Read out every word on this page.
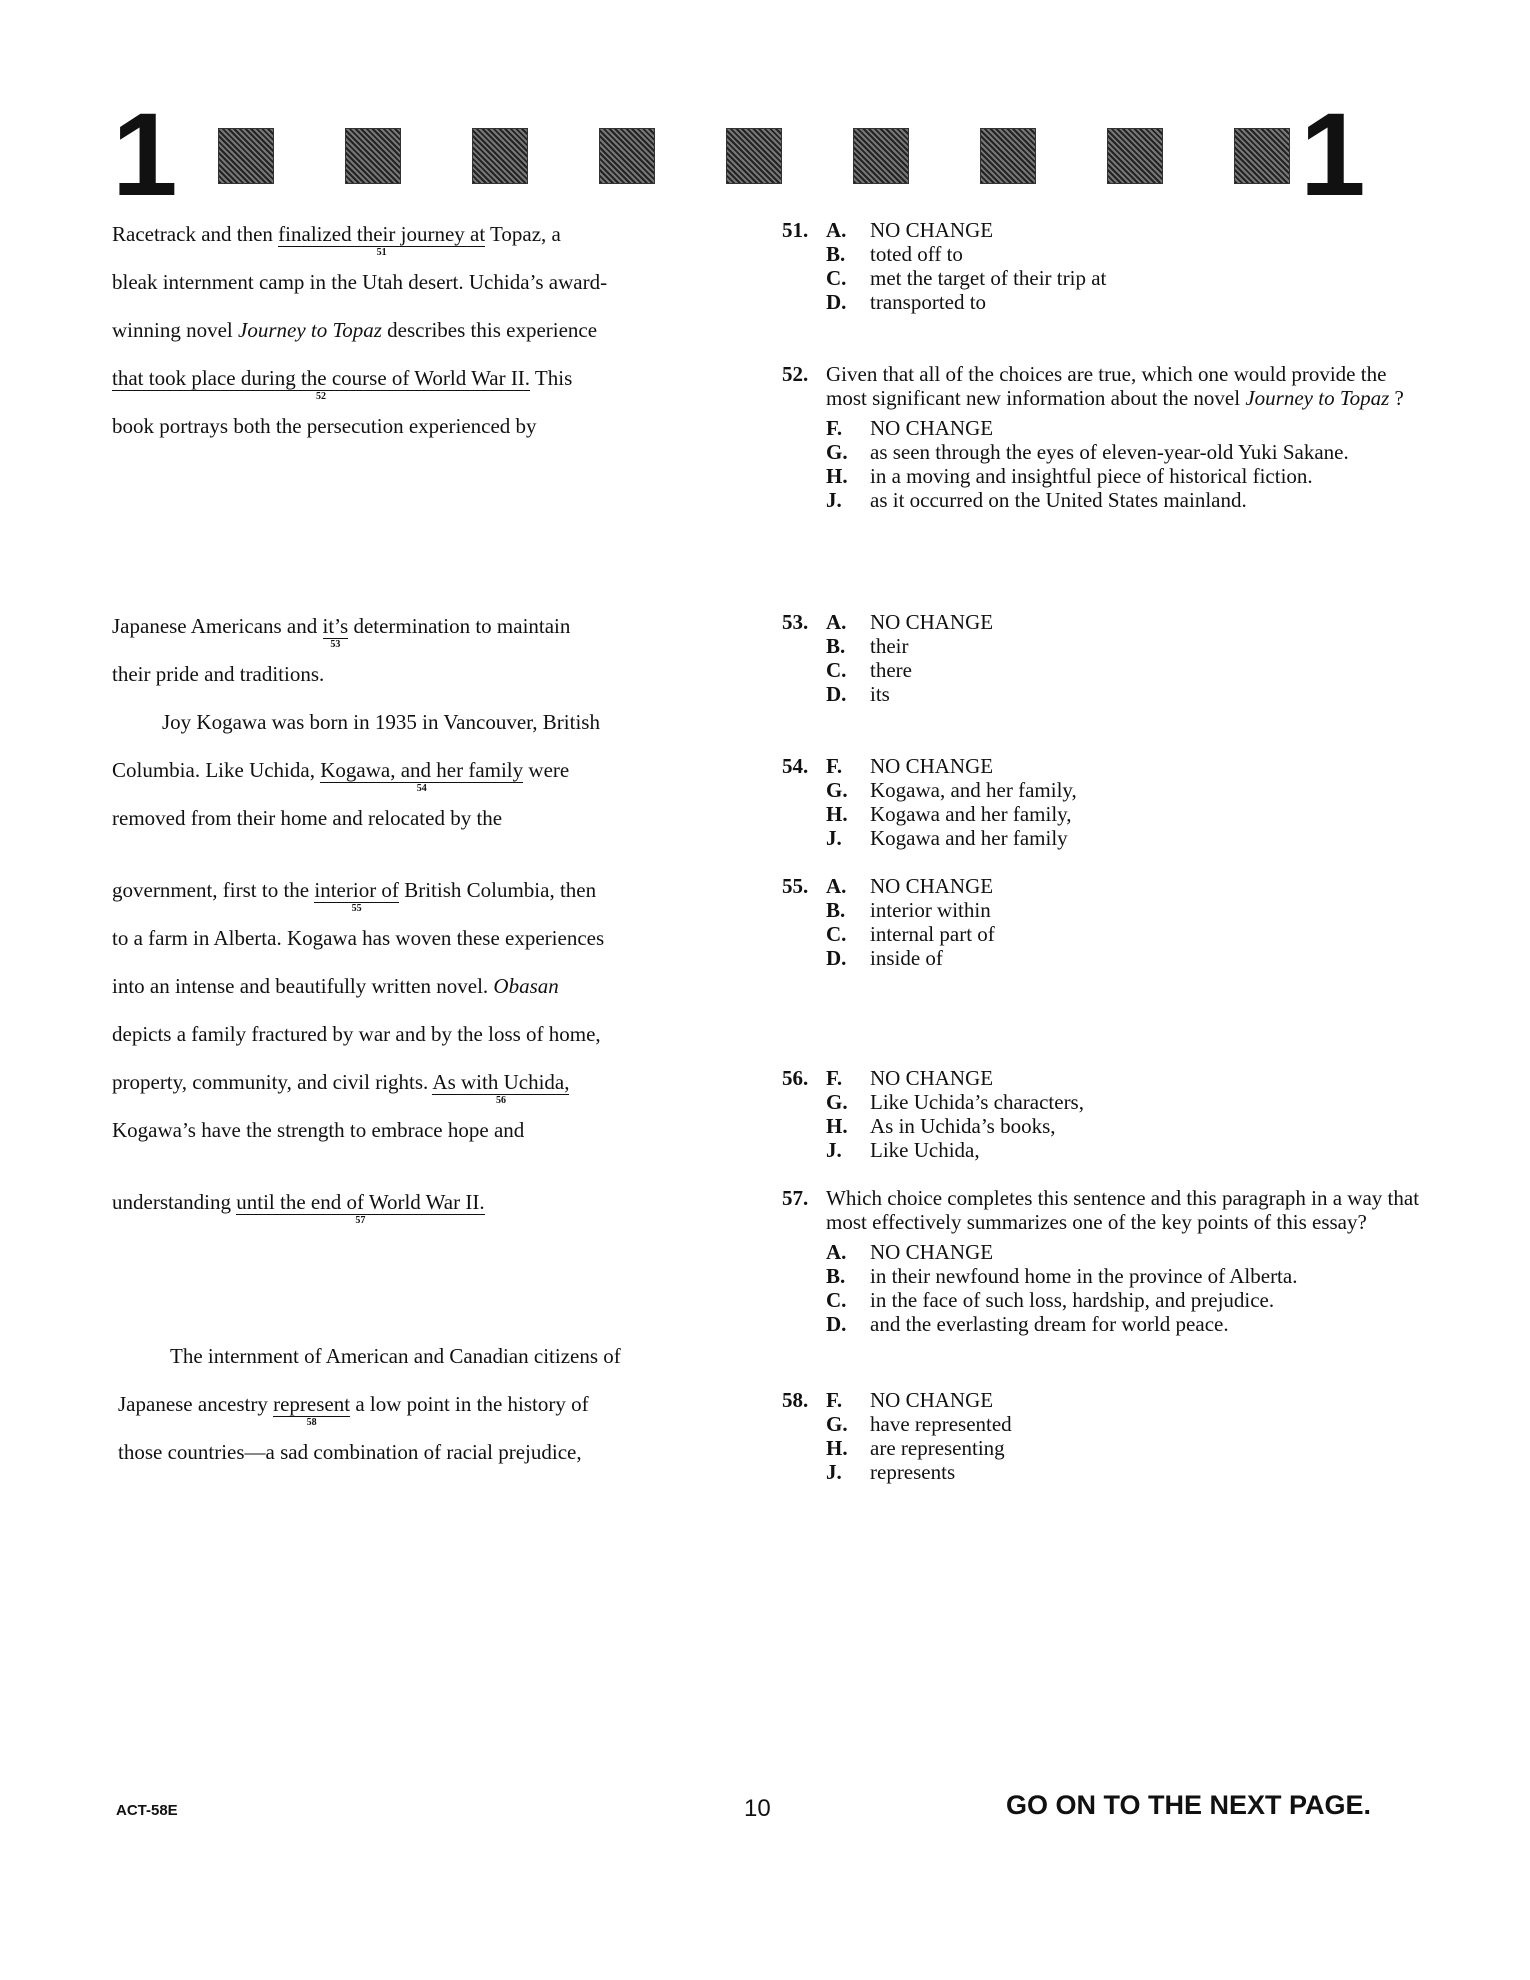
1	1
Racetrack and then finalized their journey at
51
Topaz, a
bleak internment camp in the Utah desert. Uchida’s award-
winning novel Journey to Topaz describes this experience
that took place during the course of World War II.
52
This
book portrays both the persecution experienced by
Japanese Americans and it’s
53
determination to maintain
their pride and traditions.
Joy Kogawa was born in 1935 in Vancouver, British
Columbia. Like Uchida, Kogawa, and her family
54
were
removed from their home and relocated by the
government, first to the interior of
55
British Columbia, then
to a farm in Alberta. Kogawa has woven these experiences
into an intense and beautifully written novel. Obasan
depicts a family fractured by war and by the loss of home,
property, community, and civil rights. As with Uchida,
56
Kogawa’s have the strength to embrace hope and
understanding until the end of World War II.
57
The internment of American and Canadian citizens of
Japanese ancestry represent
58
a low point in the history of
those countries—a sad combination of racial prejudice,
51. A.	NO CHANGE
B.	toted off to
C.	met the target of their trip at
D.	transported to
52. Given that all of the choices are true, which one would provide the most significant new information about the novel Journey to Topaz ?
F.	NO CHANGE
G.	as seen through the eyes of eleven-year-old Yuki Sakane.
H.	in a moving and insightful piece of historical fiction.
J.	as it occurred on the United States mainland.
53. A.	NO CHANGE
B.	their
C.	there
D.	its
54. F.	NO CHANGE
G.	Kogawa, and her family,
H.	Kogawa and her family,
J.	Kogawa and her family
55. A.	NO CHANGE
B.	interior within
C.	internal part of
D.	inside of
56. F.	NO CHANGE
G.	Like Uchida’s characters,
H.	As in Uchida’s books,
J.	Like Uchida,
57. Which choice completes this sentence and this paragraph in a way that most effectively summarizes one of the key points of this essay?
A.	NO CHANGE
B.	in their newfound home in the province of Alberta.
C.	in the face of such loss, hardship, and prejudice.
D.	and the everlasting dream for world peace.
58. F.	NO CHANGE
G.	have represented
H.	are representing
J.	represents
ACT-58E	10	GO ON TO THE NEXT PAGE.
